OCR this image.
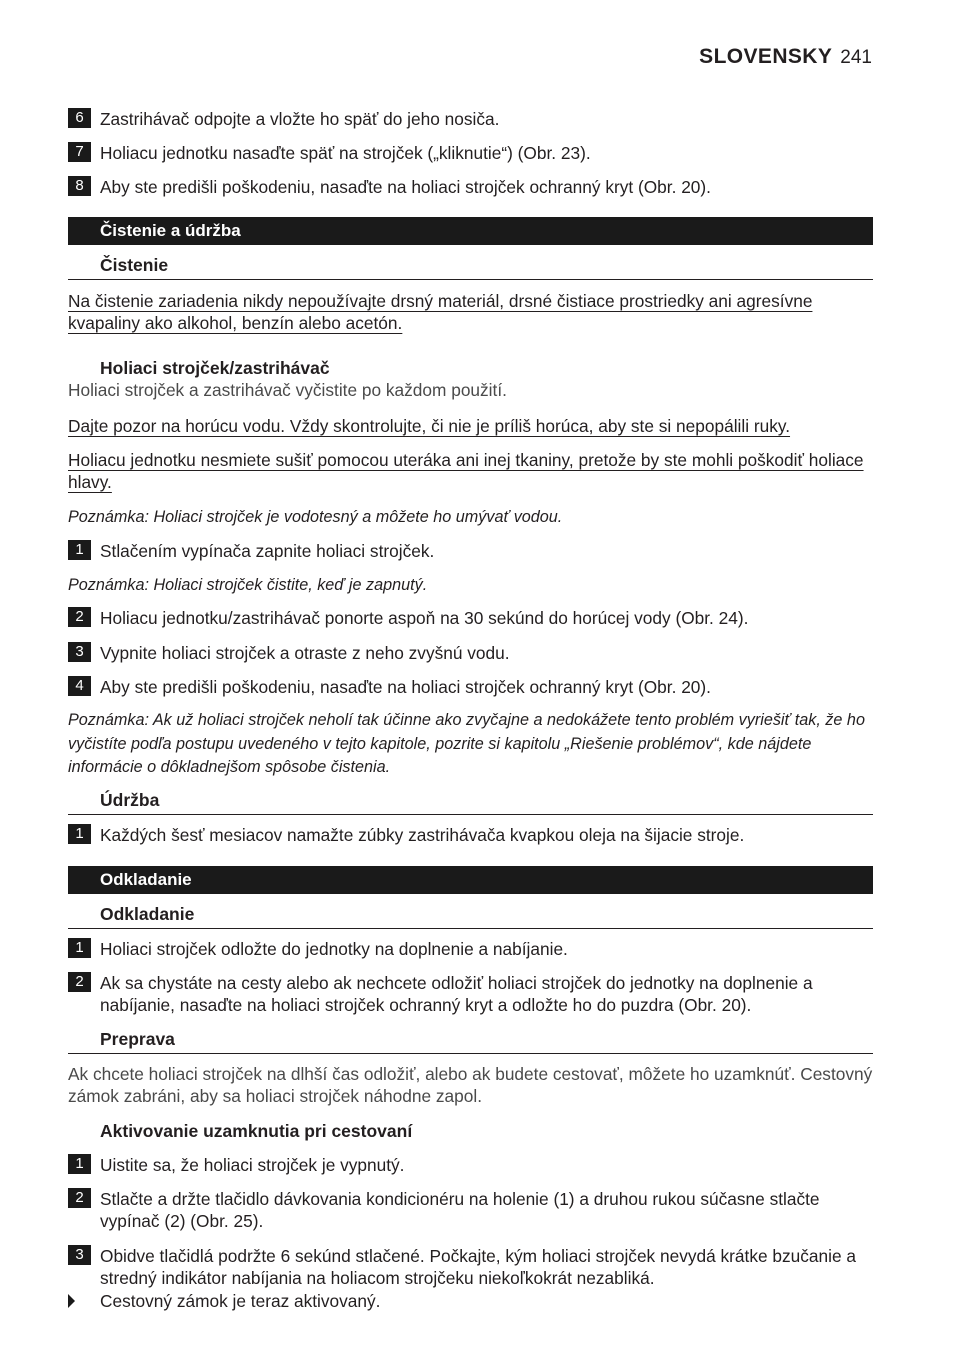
SLOVENSKY 241
6 Zastrihávač odpojte a vložte ho späť do jeho nosiča.
7 Holiacu jednotku nasaďte späť na strojček („kliknutie“) (Obr. 23).
8 Aby ste predišli poškodeniu, nasaďte na holiaci strojček ochranný kryt (Obr. 20).
Čistenie a údržba
Čistenie
Na čistenie zariadenia nikdy nepoužívajte drsný materiál, drsné čistiace prostriedky ani agresívne kvapaliny ako alkohol, benzín alebo acetón.
Holiaci strojček/zastrihávač
Holiaci strojček a zastrihávač vyčistite po každom použití.
Dajte pozor na horúcu vodu. Vždy skontrolujte, či nie je príliš horúca, aby ste si nepopálili ruky.
Holiacu jednotku nesmiete sušiť pomocou uteráka ani inej tkaniny, pretože by ste mohli poškodiť holiace hlavy.
Poznámka: Holiaci strojček je vodotesný a môžete ho umývať vodou.
1 Stlačením vypínača zapnite holiaci strojček.
Poznámka: Holiaci strojček čistite, keď je zapnutý.
2 Holiacu jednotku/zastrihávač ponorte aspoň na 30 sekúnd do horúcej vody (Obr. 24).
3 Vypnite holiaci strojček a otraste z neho zvyšnú vodu.
4 Aby ste predišli poškodeniu, nasaďte na holiaci strojček ochranný kryt (Obr. 20).
Poznámka: Ak už holiaci strojček neholí tak účinne ako zvyčajne a nedokážete tento problém vyriešiť tak, že ho vyčistíte podľa postupu uvedeného v tejto kapitole, pozrite si kapitolu „Riešenie problémov“, kde nájdete informácie o dôkladnejšom spôsobe čistenia.
Údržba
1 Každých šesť mesiacov namažte zúbky zastrihávača kvapkou oleja na šijacie stroje.
Odkladanie
Odkladanie
1 Holiaci strojček odložte do jednotky na doplnenie a nabíjanie.
2 Ak sa chystáte na cesty alebo ak nechcete odložiť holiaci strojček do jednotky na doplnenie a nabíjanie, nasaďte na holiaci strojček ochranný kryt a odložte ho do puzdra (Obr. 20).
Preprava
Ak chcete holiaci strojček na dlhší čas odložiť, alebo ak budete cestovať, môžete ho uzamknúť. Cestovný zámok zabráni, aby sa holiaci strojček náhodne zapol.
Aktivovanie uzamknutia pri cestovaní
1 Uistite sa, že holiaci strojček je vypnutý.
2 Stlačte a držte tlačidlo dávkovania kondicionéru na holenie (1) a druhou rukou súčasne stlačte vypínač (2) (Obr. 25).
3 Obidve tlačidlá podržte 6 sekúnd stlačené. Počkajte, kým holiaci strojček nevydá krátke bzučanie a stredný indikátor nabíjania na holiacom strojčeku niekoľkokrát nezabliká.
Cestovný zámok je teraz aktivovaný.
